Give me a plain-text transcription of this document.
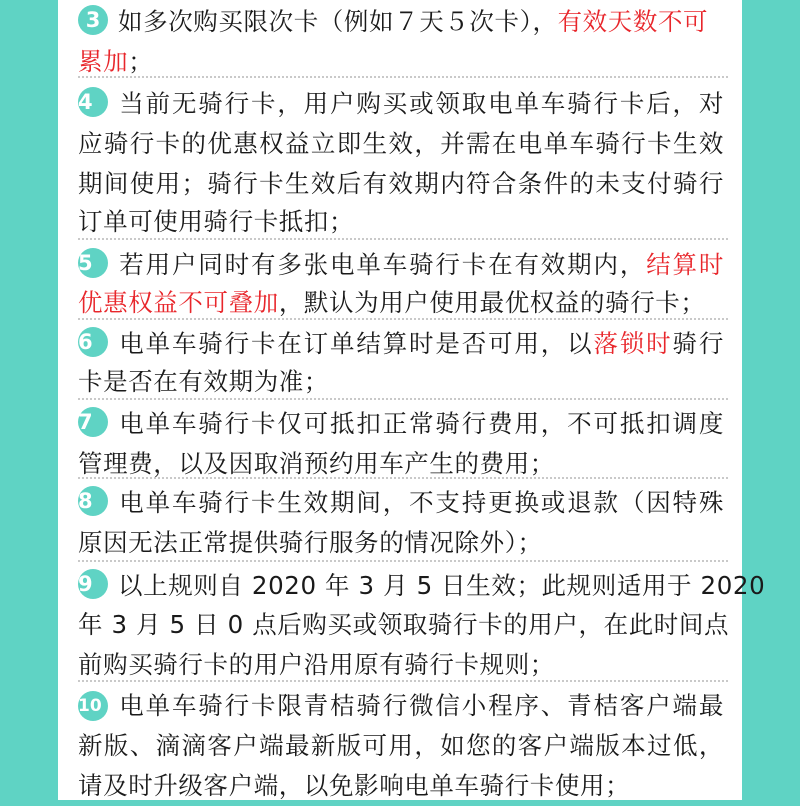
3 如多次购买限次卡（例如７天５次卡），有效天数不可
累加；
4 当前无骑行卡，用户购买或领取电单车骑行卡后，对
应骑行卡的优惠权益立即生效，并需在电单车骑行卡生效
期间使用；骑行卡生效后有效期内符合条件的未支付骑行
订单可使用骑行卡抵扣；
5 若用户同时有多张电单车骑行卡在有效期内，结算时
优惠权益不可叠加，默认为用户使用最优权益的骑行卡；
6 电单车骑行卡在订单结算时是否可用，以落锁时骑行
卡是否在有效期为准；
7 电单车骑行卡仅可抵扣正常骑行费用，不可抵扣调度
管理费，以及因取消预约用车产生的费用；
8 电单车骑行卡生效期间，不支持更换或退款（因特殊
原因无法正常提供骑行服务的情况除外）；
9 以上规则自 2020 年 3 月 5 日生效；此规则适用于 2020
年 3 月 5 日 0 点后购买或领取骑行卡的用户，在此时间点
前购买骑行卡的用户沿用原有骑行卡规则；
10 电单车骑行卡限青桔骑行微信小程序、青桔客户端最
新版、滴滴客户端最新版可用，如您的客户端版本过低，
请及时升级客户端，以免影响电单车骑行卡使用；
